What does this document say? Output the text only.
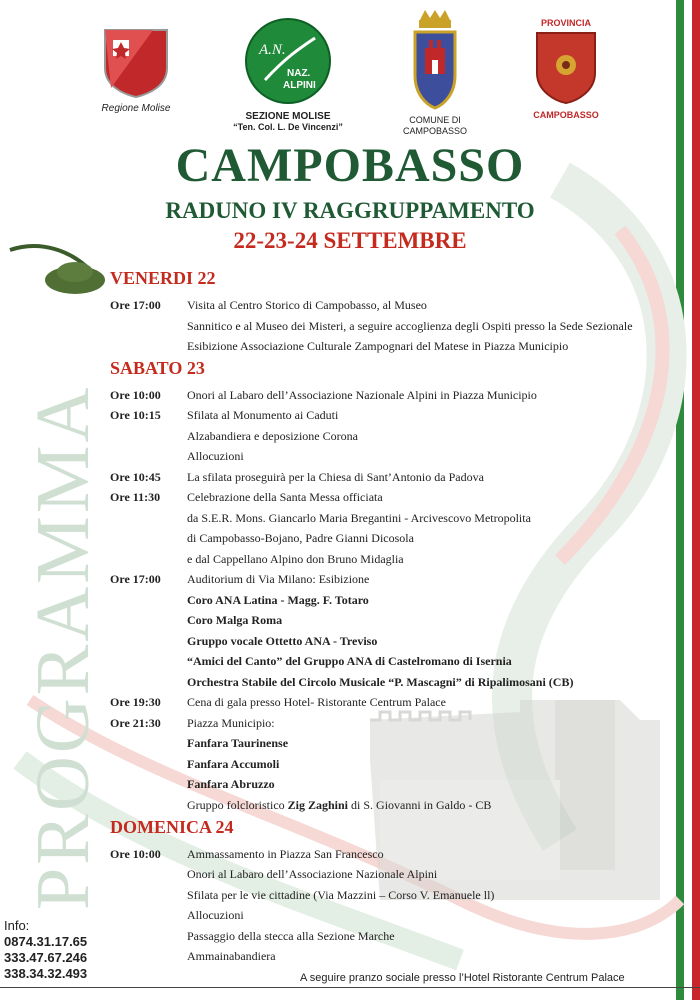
PROGRAMMA
Regione Molise
A.N.
NAZ.
ALPINI
SEZIONE MOLISE
“Ten. Col. L. De Vincenzi”
COMUNE DI
CAMPOBASSO
PROVINCIA
CAMPOBASSO
CAMPOBASSO
RADUNO IV RAGGRUPPAMENTO
22-23-24 SETTEMBRE
VENERDI 22
Ore 17:00 Visita al Centro Storico di Campobasso, al Museo
Sannitico e al Museo dei Misteri, a seguire accoglienza degli Ospiti presso la Sede Sezionale
Esibizione Associazione Culturale Zampognari del Matese in Piazza Municipio
SABATO 23
Ore 10:00 Onori al Labaro dell’Associazione Nazionale Alpini in Piazza Municipio
Ore 10:15 Sfilata al Monumento ai Caduti
Alzabandiera e deposizione Corona
Allocuzioni
Ore 10:45 La sfilata proseguirà per la Chiesa di Sant’Antonio da Padova
Ore 11:30 Celebrazione della Santa Messa officiata
da S.E.R. Mons. Giancarlo Maria Bregantini - Arcivescovo Metropolita
di Campobasso-Bojano, Padre Gianni Dicosola
e dal Cappellano Alpino don Bruno Midaglia
Ore 17:00 Auditorium di Via Milano: Esibizione
Coro ANA Latina - Magg. F. Totaro
Coro Malga Roma
Gruppo vocale Ottetto ANA - Treviso
“Amici del Canto” del Gruppo ANA di Castelromano di Isernia
Orchestra Stabile del Circolo Musicale “P. Mascagni” di Ripalimosani (CB)
Ore 19:30 Cena di gala presso Hotel- Ristorante Centrum Palace
Ore 21:30 Piazza Municipio:
Fanfara Taurinense
Fanfara Accumoli
Fanfara Abruzzo
Gruppo folcloristico Zig Zaghini di S. Giovanni in Galdo - CB
DOMENICA 24
Ore 10:00 Ammassamento in Piazza San Francesco
Onori al Labaro dell’Associazione Nazionale Alpini
Sfilata per le vie cittadine (Via Mazzini – Corso V. Emanuele ll)
Allocuzioni
Passaggio della stecca alla Sezione Marche
Ammainabandiera
Info:
0874.31.17.65
333.47.67.246
338.34.32.493	A seguire pranzo sociale presso l’Hotel Ristorante Centrum Palace
